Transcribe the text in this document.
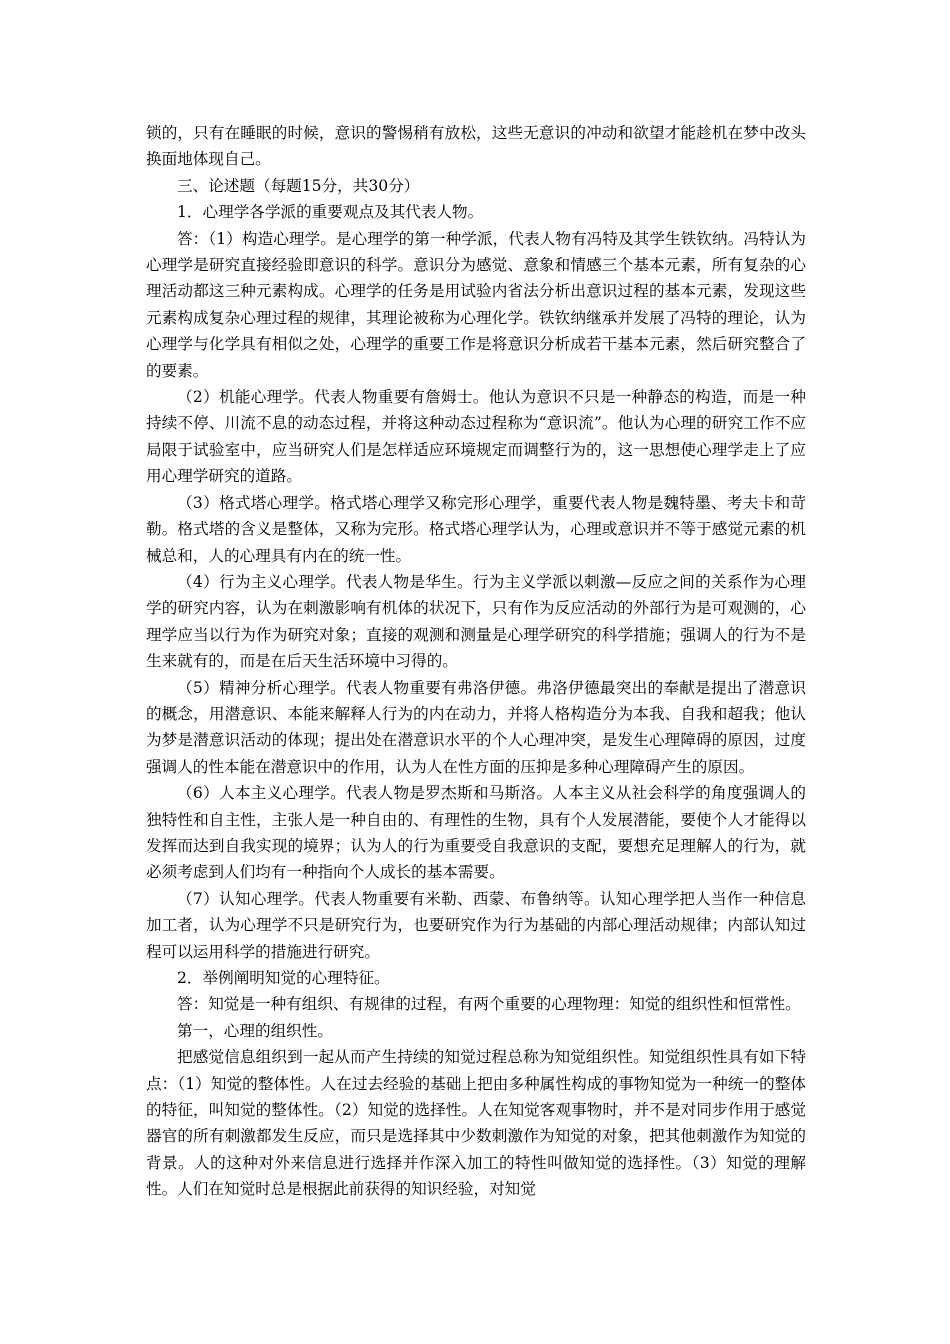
锁的，只有在睡眠的时候，意识的警惕稍有放松，这些无意识的冲动和欲望才能趁机在梦中改头换面地体现自己。

三、论述题（每题15分，共30分）

1．心理学各学派的重要观点及其代表人物。

答：（1）构造心理学。是心理学的第一种学派，代表人物有冯特及其学生铁钦纳。冯特认为心理学是研究直接经验即意识的科学。意识分为感觉、意象和情感三个基本元素，所有复杂的心理活动都这三种元素构成。心理学的任务是用试验内省法分析出意识过程的基本元素，发现这些元素构成复杂心理过程的规律，其理论被称为心理化学。铁钦纳继承并发展了冯特的理论，认为心理学与化学具有相似之处，心理学的重要工作是将意识分析成若干基本元素，然后研究整合了的要素。

（2）机能心理学。代表人物重要有詹姆士。他认为意识不只是一种静态的构造，而是一种持续不停、川流不息的动态过程，并将这种动态过程称为“意识流”。他认为心理的研究工作不应局限于试验室中，应当研究人们是怎样适应环境规定而调整行为的，这一思想使心理学走上了应用心理学研究的道路。

（3）格式塔心理学。格式塔心理学又称完形心理学，重要代表人物是魏特墨、考夫卡和苛勒。格式塔的含义是整体，又称为完形。格式塔心理学认为，心理或意识并不等于感觉元素的机械总和，人的心理具有内在的统一性。

（4）行为主义心理学。代表人物是华生。行为主义学派以刺激—反应之间的关系作为心理学的研究内容，认为在刺激影响有机体的状况下，只有作为反应活动的外部行为是可观测的，心理学应当以行为作为研究对象；直接的观测和测量是心理学研究的科学措施；强调人的行为不是生来就有的，而是在后天生活环境中习得的。

（5）精神分析心理学。代表人物重要有弗洛伊德。弗洛伊德最突出的奉献是提出了潜意识的概念，用潜意识、本能来解释人行为的内在动力，并将人格构造分为本我、自我和超我；他认为梦是潜意识活动的体现；提出处在潜意识水平的个人心理冲突，是发生心理障碍的原因，过度强调人的性本能在潜意识中的作用，认为人在性方面的压抑是多种心理障碍产生的原因。

（6）人本主义心理学。代表人物是罗杰斯和马斯洛。人本主义从社会科学的角度强调人的独特性和自主性，主张人是一种自由的、有理性的生物，具有个人发展潜能，要使个人才能得以发挥而达到自我实现的境界；认为人的行为重要受自我意识的支配，要想充足理解人的行为，就必须考虑到人们均有一种指向个人成长的基本需要。

（7）认知心理学。代表人物重要有米勒、西蒙、布鲁纳等。认知心理学把人当作一种信息加工者，认为心理学不只是研究行为，也要研究作为行为基础的内部心理活动规律；内部认知过程可以运用科学的措施进行研究。

2．举例阐明知觉的心理特征。

答：知觉是一种有组织、有规律的过程，有两个重要的心理物理：知觉的组织性和恒常性。

第一，心理的组织性。

把感觉信息组织到一起从而产生持续的知觉过程总称为知觉组织性。知觉组织性具有如下特点：（1）知觉的整体性。人在过去经验的基础上把由多种属性构成的事物知觉为一种统一的整体的特征，叫知觉的整体性。（2）知觉的选择性。人在知觉客观事物时，并不是对同步作用于感觉器官的所有刺激都发生反应，而只是选择其中少数刺激作为知觉的对象，把其他刺激作为知觉的背景。人的这种对外来信息进行选择并作深入加工的特性叫做知觉的选择性。（3）知觉的理解性。人们在知觉时总是根据此前获得的知识经验，对知觉
